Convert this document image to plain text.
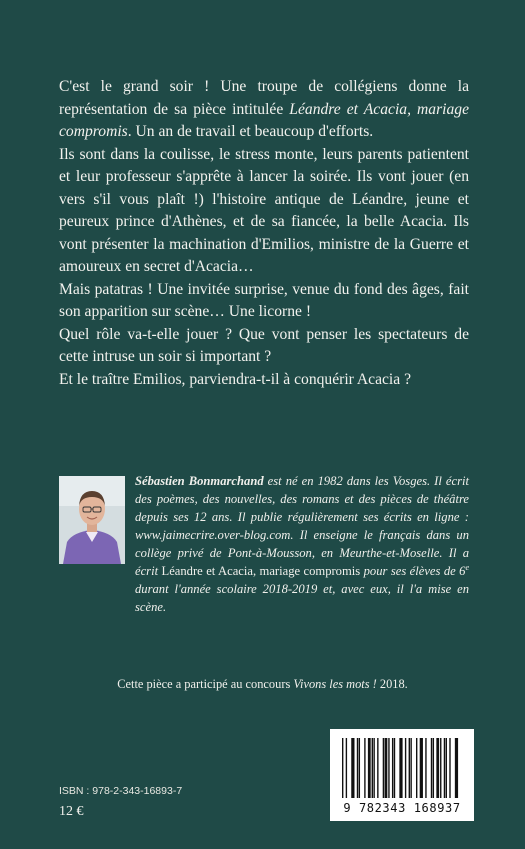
C'est le grand soir ! Une troupe de collégiens donne la représentation de sa pièce intitulée Léandre et Acacia, mariage compromis. Un an de travail et beaucoup d'efforts.

Ils sont dans la coulisse, le stress monte, leurs parents patientent et leur professeur s'apprête à lancer la soirée. Ils vont jouer (en vers s'il vous plaît !) l'histoire antique de Léandre, jeune et peureux prince d'Athènes, et de sa fiancée, la belle Acacia. Ils vont présenter la machination d'Emilios, ministre de la Guerre et amoureux en secret d'Acacia…

Mais patatras ! Une invitée surprise, venue du fond des âges, fait son apparition sur scène… Une licorne !

Quel rôle va-t-elle jouer ? Que vont penser les spectateurs de cette intruse un soir si important ?

Et le traître Emilios, parviendra-t-il à conquérir Acacia ?

Sébastien Bonmarchand est né en 1982 dans les Vosges. Il écrit des poèmes, des nouvelles, des romans et des pièces de théâtre depuis ses 12 ans. Il publie régulièrement ses écrits en ligne : www.jaimecrire.over-blog.com. Il enseigne le français dans un collège privé de Pont-à-Mousson, en Meurthe-et-Moselle. Il a écrit Léandre et Acacia, mariage compromis pour ses élèves de 6e durant l'année scolaire 2018-2019 et, avec eux, il l'a mise en scène.
Cette pièce a participé au concours Vivons les mots ! 2018.
ISBN : 978-2-343-16893-7
12 €	9 782343 168937
